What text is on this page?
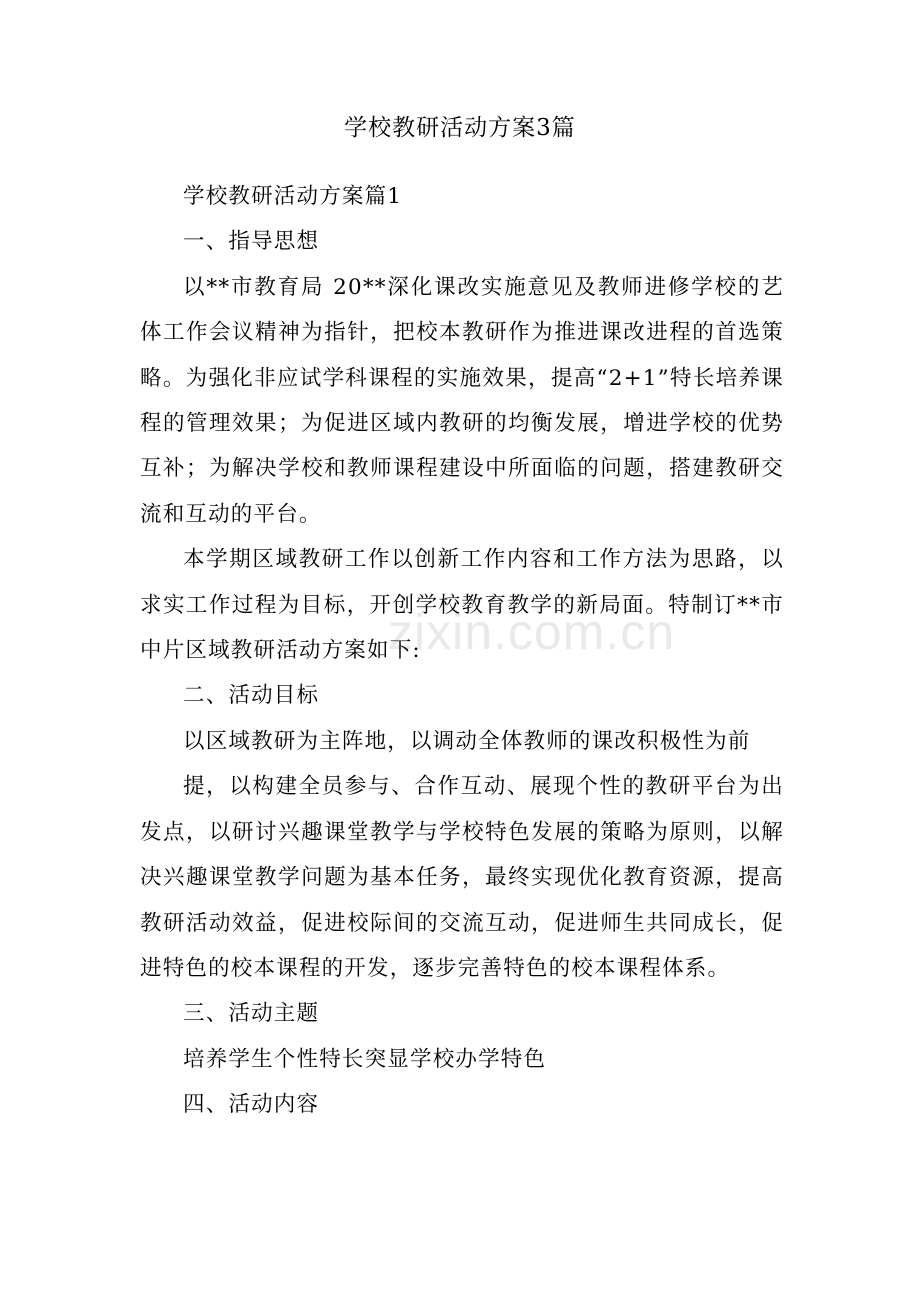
zixin.com.cn
学校教研活动方案3篇

学校教研活动方案篇1

一、指导思想

以**市教育局 20**深化课改实施意见及教师进修学校的艺体工作会议精神为指针，把校本教研作为推进课改进程的首选策略。为强化非应试学科课程的实施效果，提高“2+1”特长培养课程的管理效果；为促进区域内教研的均衡发展，增进学校的优势互补；为解决学校和教师课程建设中所面临的问题，搭建教研交流和互动的平台。

本学期区域教研工作以创新工作内容和工作方法为思路，以求实工作过程为目标，开创学校教育教学的新局面。特制订**市中片区域教研活动方案如下:

二、活动目标

以区域教研为主阵地，以调动全体教师的课改积极性为前

提，以构建全员参与、合作互动、展现个性的教研平台为出发点，以研讨兴趣课堂教学与学校特色发展的策略为原则，以解决兴趣课堂教学问题为基本任务，最终实现优化教育资源，提高教研活动效益，促进校际间的交流互动，促进师生共同成长，促进特色的校本课程的开发，逐步完善特色的校本课程体系。

三、活动主题

培养学生个性特长突显学校办学特色

四、活动内容
